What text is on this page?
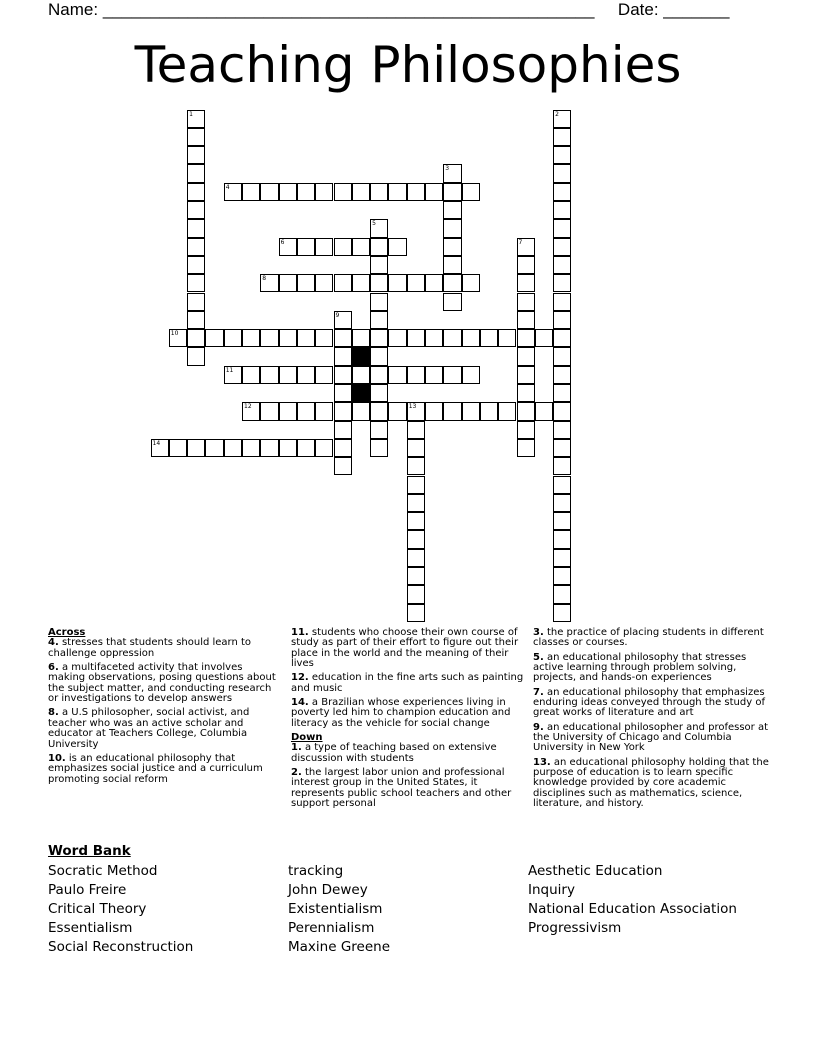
Name: ____________________________________________________ Date: _______
Teaching Philosophies
1	2
3
4
5
6	7
8
9
10
11
12	13
14
Across
4. stresses that students should learn to challenge oppression
6. a multifaceted activity that involves making observations, posing questions about the subject matter, and conducting research or investigations to develop answers
8. a U.S philosopher, social activist, and teacher who was an active scholar and educator at Teachers College, Columbia University
10. is an educational philosophy that emphasizes social justice and a curriculum promoting social reform
11. students who choose their own course of study as part of their effort to figure out their place in the world and the meaning of their lives
12. education in the fine arts such as painting and music
14. a Brazilian whose experiences living in poverty led him to champion education and literacy as the vehicle for social change
Down
1. a type of teaching based on extensive discussion with students
2. the largest labor union and professional interest group in the United States, it represents public school teachers and other support personal
3. the practice of placing students in different classes or courses.
5. an educational philosophy that stresses active learning through problem solving, projects, and hands-on experiences
7. an educational philosophy that emphasizes enduring ideas conveyed through the study of great works of literature and art
9. an educational philosopher and professor at the University of Chicago and Columbia University in New York
13. an educational philosophy holding that the purpose of education is to learn specific knowledge provided by core academic disciplines such as mathematics, science, literature, and history.
Word Bank
Socratic Method
Paulo Freire
Critical Theory
Essentialism
Social Reconstruction
tracking
John Dewey
Existentialism
Perennialism
Maxine Greene
Aesthetic Education
Inquiry
National Education Association
Progressivism
